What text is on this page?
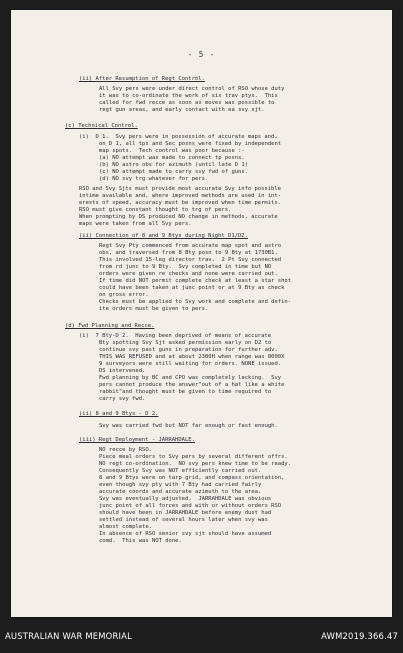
- 5 -
(ii) After Resumption of Regt Control.
All Svy pers were under direct control of RSO whose duty
it was to co-ordinate the work of six trav ptys.  This
called for fwd recce as soon as moves was possible to
regt gun areas, and early contact with ea svy sjt.
(c) Technical Control.
(i)  D 1.  Svy pers were in possession of accurate maps and,
on D 1, all tps and Sec posns were fixed by independent
map spots.  Tech control was poor because :-
(a) NO attempt was made to connect tp posns.
(b) NO astro obs for azimuth (until late D 1)
(c) NO attempt made to carry svy fwd of guns.
(d) NO svy trg whatever for pers.
RSO and Svy Sjts must provide most accurate Svy info possible
intime available and, where improved methods are used in int-
erests of speed, accuracy must be improved when time permits.
RSO must give constant thought to trg of pers.
When prompting by DS produced NO change in methods, accurate
maps were taken from all Svy pers.
(ii) Connection of 8 and 9 Btys during Night D1/D2.
Regt Svy Pty commenced from accurate map spot and astro
obs, and traversed from 8 Bty posn to 9 Bty at 1730B1.
This involved 15-leg director trav.  2 Pt Svy connected
from rd junc to 9 Bty.  Svy completed in time but NO
orders were given re checks and none were carried out.
If time did NOT permit complete check at least a star shot
could have been taken at junc point or at 9 Bty as check
on gross error.
Checks must be applied to Svy work and complete and defin-
ite orders must be given to pers.
(d) Fwd Planning and Recce.
(i)  7 Bty-D 2.  Having been deprived of means of accurate
Bty spotting Svy Sjt asked permission early on D2 to
continue svy past guns in preparation for further adv.
THIS WAS REFUSED and at about 2300H when range was 8000X
9 surveyors were still waiting for orders. NONE issued.
DS intervened.
Fwd planning by BC and CPO was completely lacking.  Svy
pers cannot produce the answer"out of a hat like a white
rabbit"and thought must be given to time required to
carry svy fwd.
(ii) 8 and 9 Btys - D 2.
Svy was carried fwd but NOT far enough or fast enough.
(iii) Regt Deployment - JARRAHDALE.
NO recce by RSO.
Piece meal orders to Svy pers by several different offrs.
NO regt co-ordination.  NO svy pers knew time to be ready.
Consequently Svy was NOT efficiently carried out.
8 and 9 Btys were on tarp grid, and compass orientation,
even though svy pty with 7 Bty had carried fairly
accurate coords and accurate azimuth to the area.
Svy was eventually adjusted.  JARRAHDALE was obvious
junc point of all forces and with or without orders RSO
should have been in JARRAHDALE before enemy dust had
settled instead of several hours later when svy was
almost complete.
In absence of RSO senior svy sjt should have assumed
comd.  This was NOT done.
AUSTRALIAN WAR MEMORIAL	AWM2019.366.47
